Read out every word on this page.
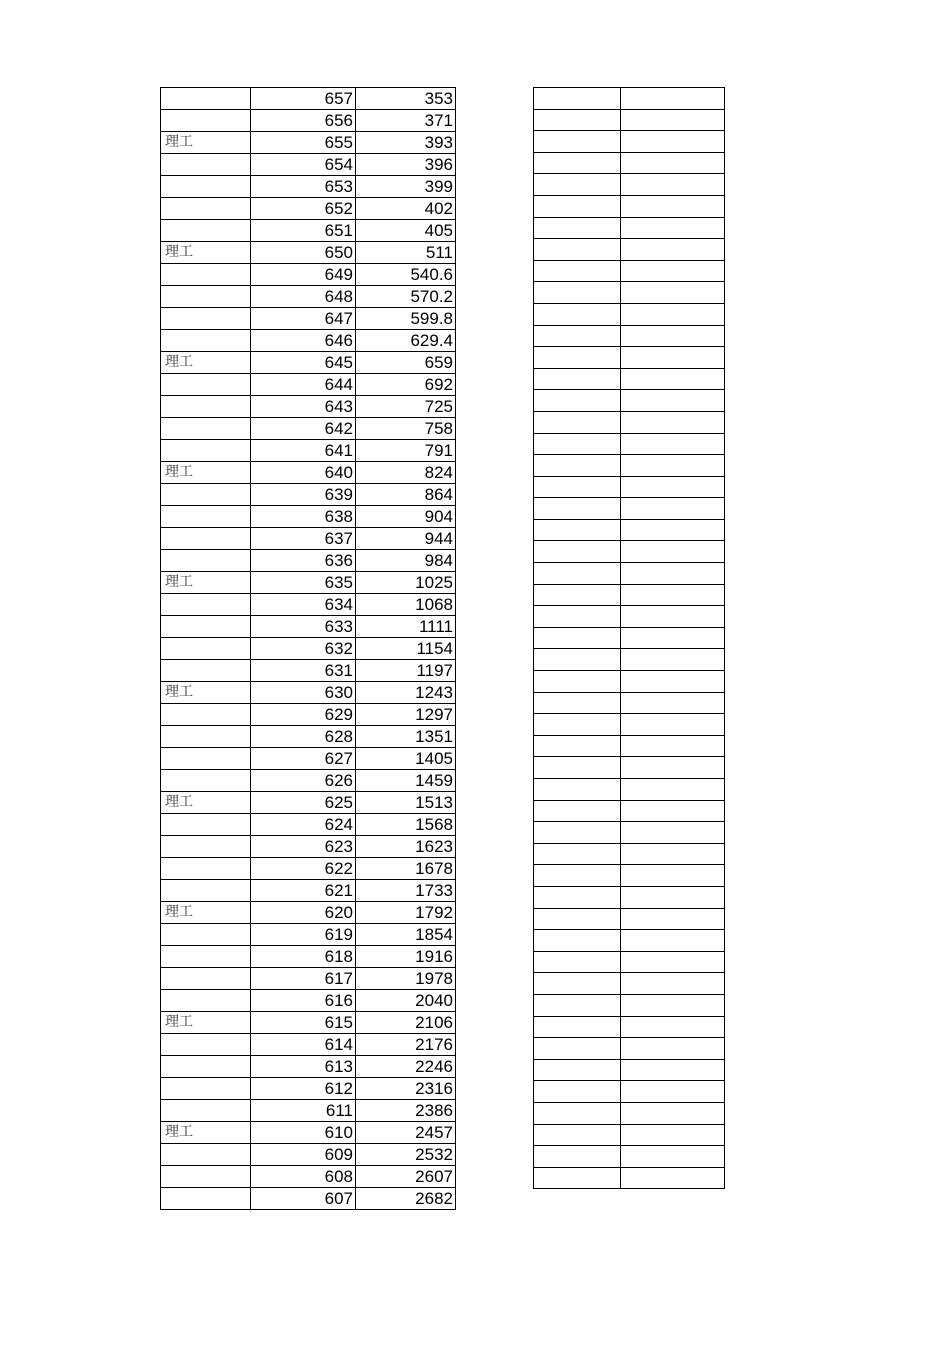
	657	353
	656	371
理工	655	393
	654	396
	653	399
	652	402
	651	405
理工	650	511
	649	540.6
	648	570.2
	647	599.8
	646	629.4
理工	645	659
	644	692
	643	725
	642	758
	641	791
理工	640	824
	639	864
	638	904
	637	944
	636	984
理工	635	1025
	634	1068
	633	1111
	632	1154
	631	1197
理工	630	1243
	629	1297
	628	1351
	627	1405
	626	1459
理工	625	1513
	624	1568
	623	1623
	622	1678
	621	1733
理工	620	1792
	619	1854
	618	1916
	617	1978
	616	2040
理工	615	2106
	614	2176
	613	2246
	612	2316
	611	2386
理工	610	2457
	609	2532
	608	2607
	607	2682
